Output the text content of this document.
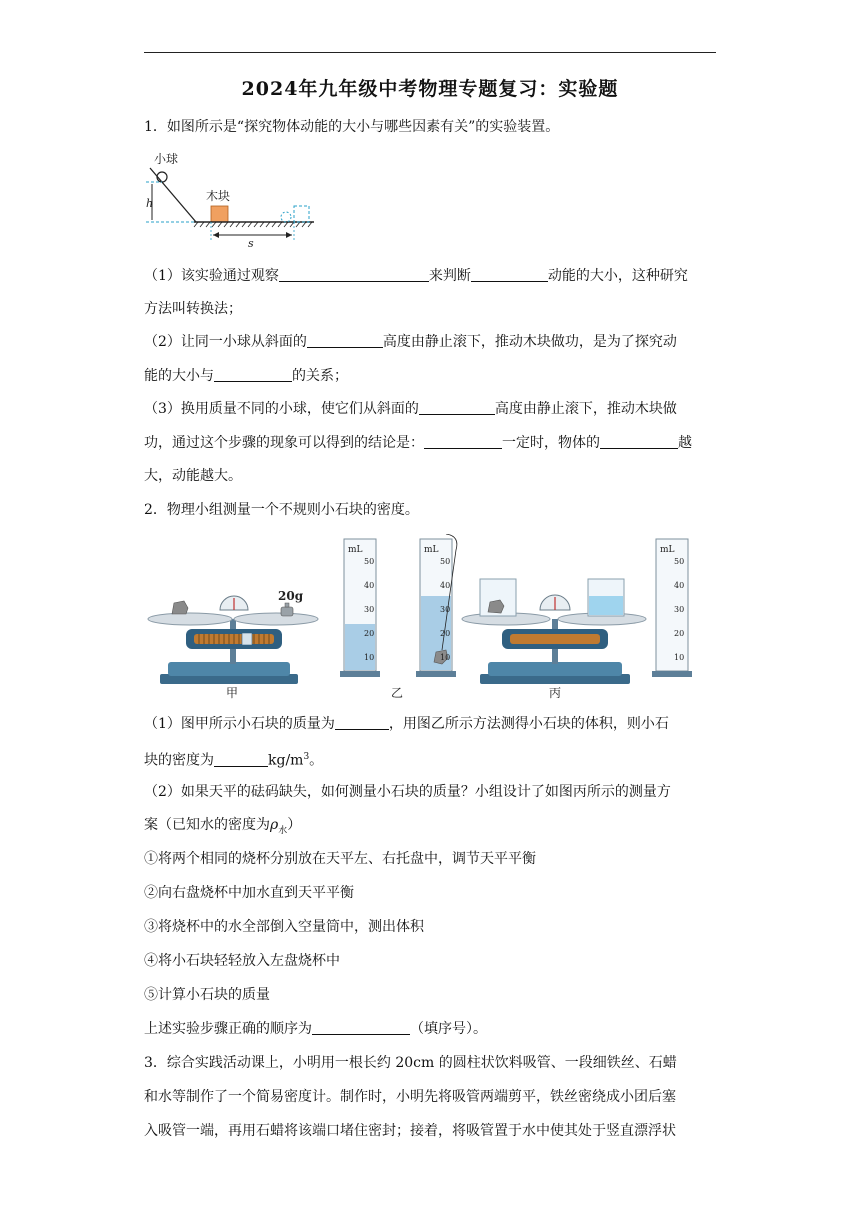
2024年九年级中考物理专题复习：实验题
1．如图所示是“探究物体动能的大小与哪些因素有关”的实验装置。
小球
h
木块
s
（1）该实验通过观察	来判断	动能的大小，这种研究
方法叫转换法；
（2）让同一小球从斜面的	高度由静止滚下，推动木块做功，是为了探究动
能的大小与	的关系；
（3）换用质量不同的小球，使它们从斜面的	高度由静止滚下，推动木块做
功，通过这个步骤的现象可以得到的结论是：	一定时，物体的	越
大，动能越大。
2．物理小组测量一个不规则小石块的密度。
20g
甲
mL
50
40
30
20
10
mL
50
40
30
20
10
乙	丙
mL
50
40
30
20
10
（1）图甲所示小石块的质量为	，用图乙所示方法测得小石块的体积，则小石
块的密度为	$kg/m^3$。
（2）如果天平的砝码缺失，如何测量小石块的质量？小组设计了如图丙所示的测量方
案（已知水的密度为$\rho_水$）
①将两个相同的烧杯分别放在天平左、右托盘中，调节天平平衡
②向右盘烧杯中加水直到天平平衡
③将烧杯中的水全部倒入空量筒中，测出体积
④将小石块轻轻放入左盘烧杯中
⑤计算小石块的质量
上述实验步骤正确的顺序为	（填序号）。
3．综合实践活动课上，小明用一根长约 20cm 的圆柱状饮料吸管、一段细铁丝、石蜡
和水等制作了一个简易密度计。制作时，小明先将吸管两端剪平，铁丝密绕成小团后塞
入吸管一端，再用石蜡将该端口堵住密封；接着，将吸管置于水中使其处于竖直漂浮状
